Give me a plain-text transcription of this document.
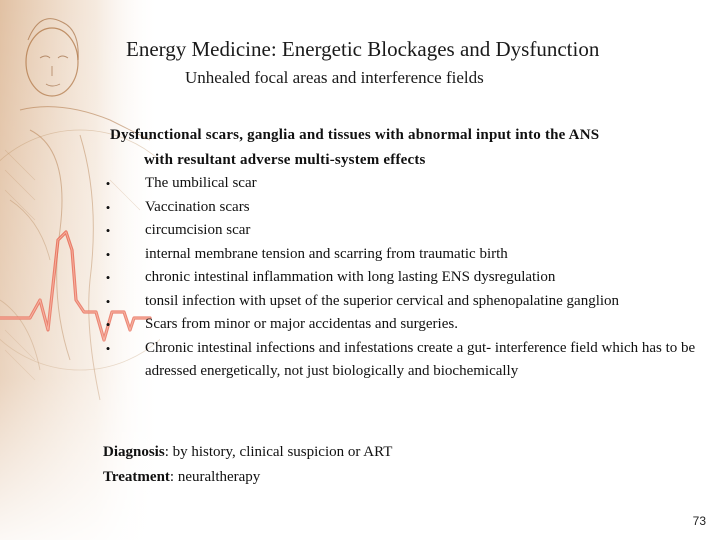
Energy Medicine: Energetic Blockages and Dysfunction
Unhealed focal areas and interference fields
Dysfunctional scars, ganglia and tissues with abnormal input into the ANS
with resultant adverse multi-system effects
• The umbilical scar
• Vaccination scars
• circumcision scar
• internal membrane tension and scarring from traumatic birth
• chronic intestinal inflammation with long lasting ENS dysregulation
• tonsil infection with upset of the superior cervical and sphenopalatine ganglion
• Scars from minor or major accidentas and surgeries.
• Chronic intestinal infections and infestations create a gut- interference field which has to be adressed energetically, not just biologically and biochemically
Diagnosis: by history, clinical suspicion or ART
Treatment: neuraltherapy
73
